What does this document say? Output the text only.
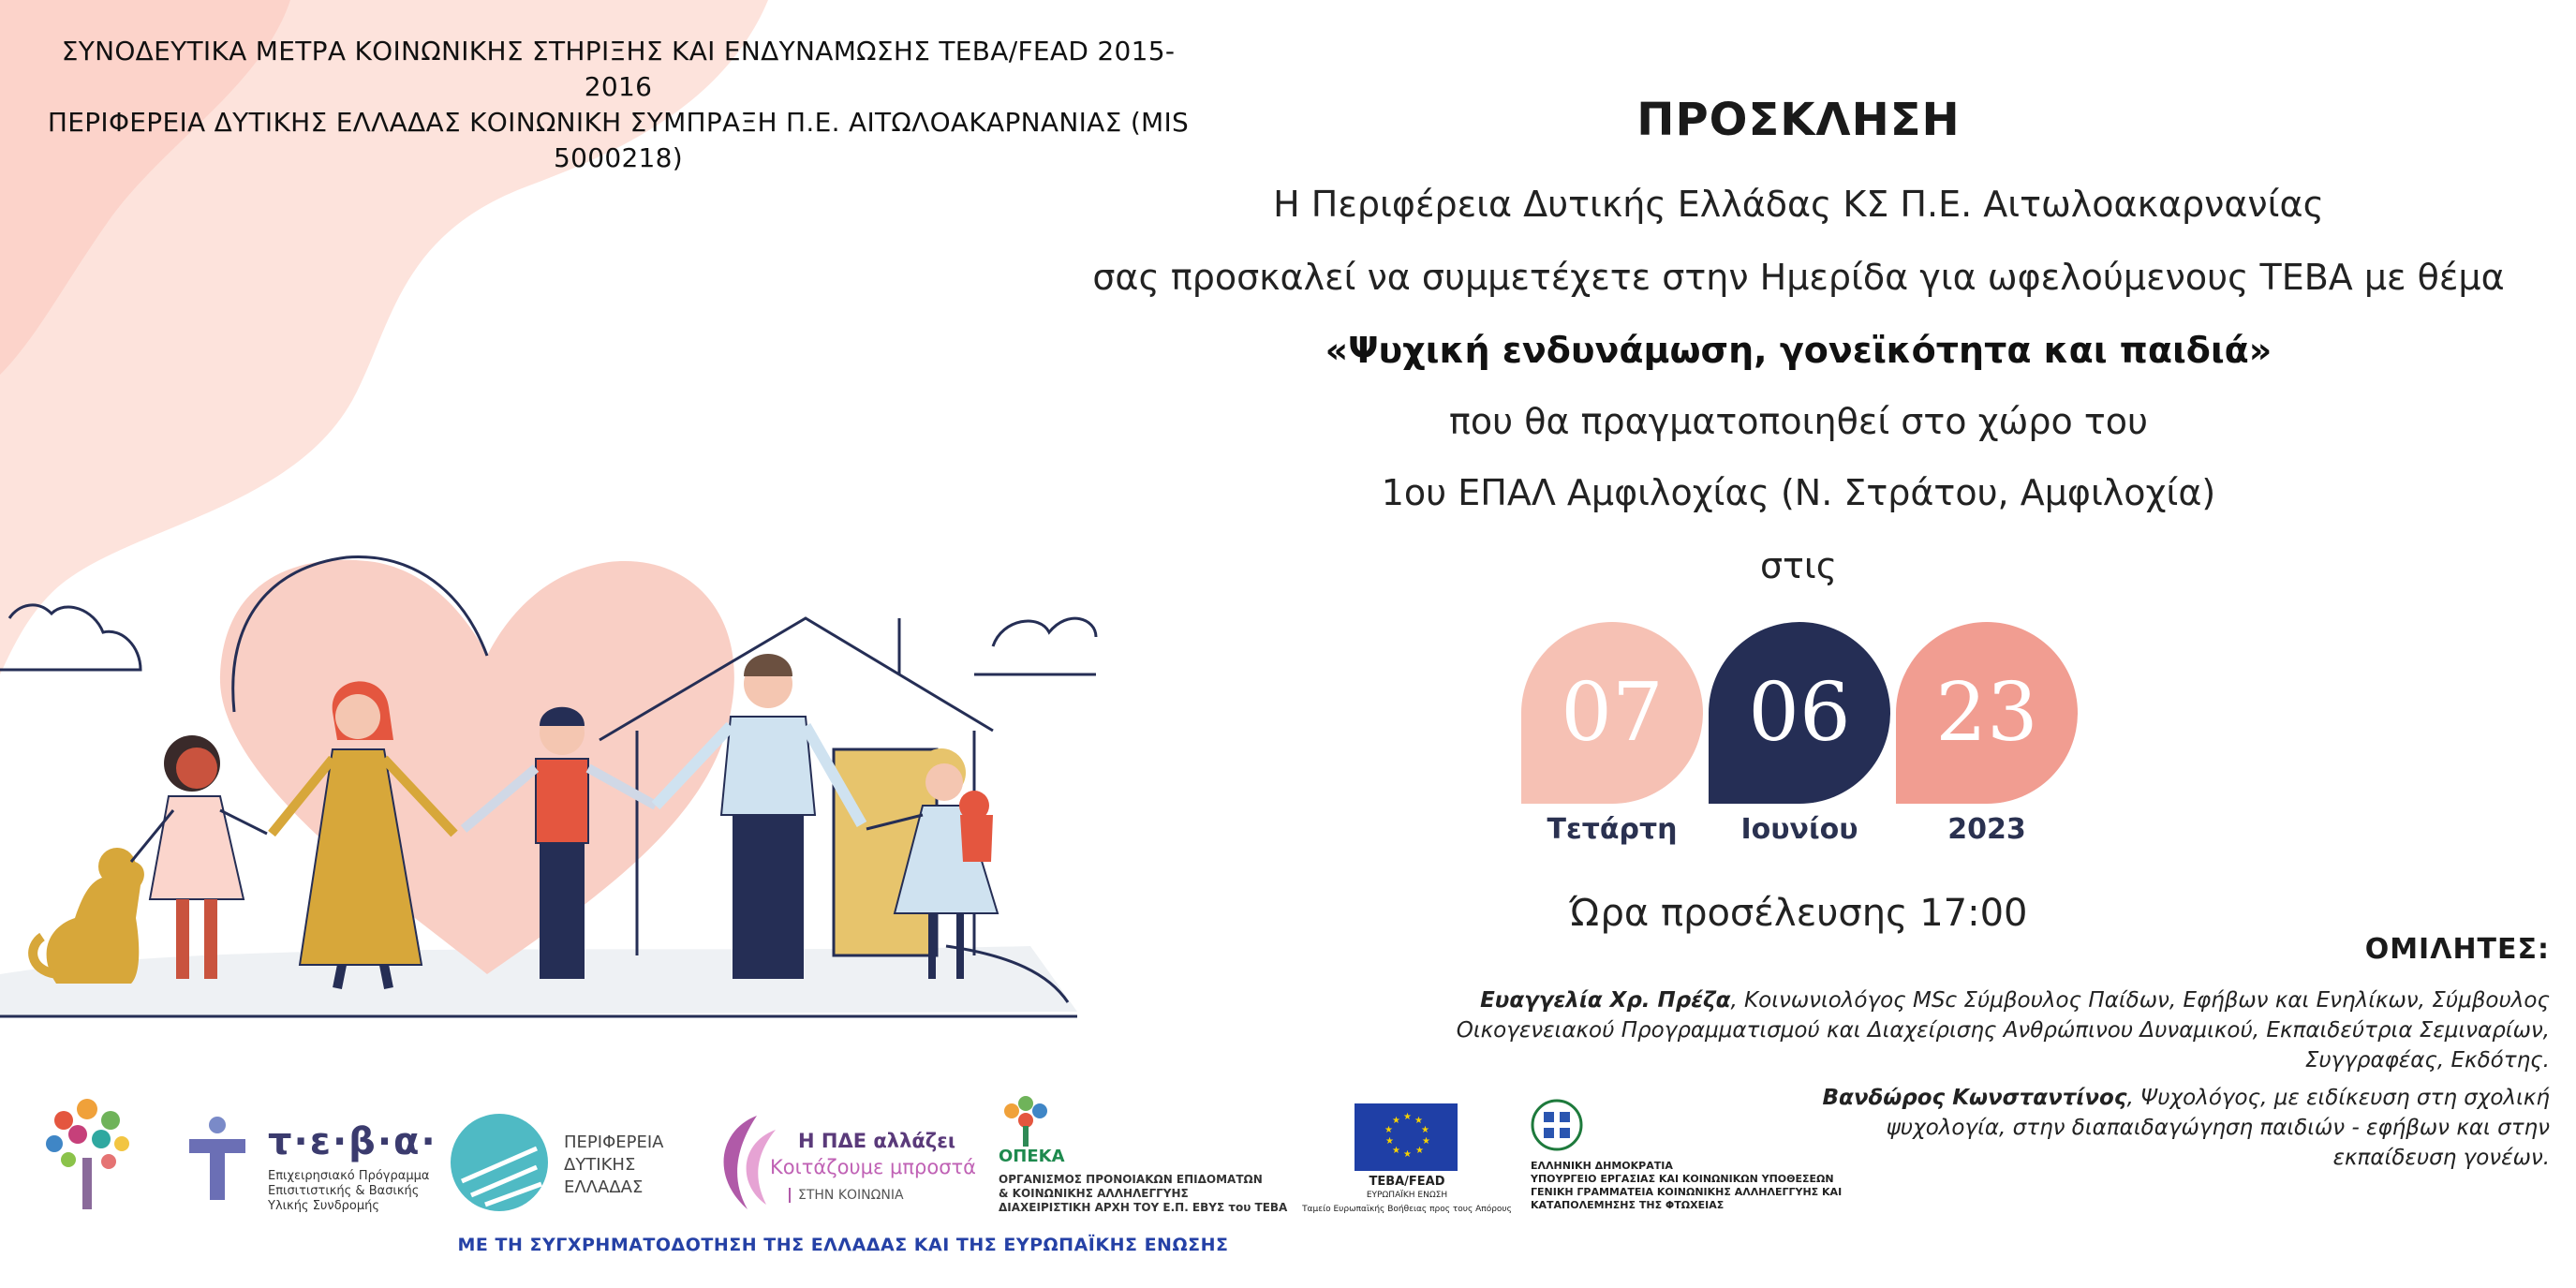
ΣΥΝΟΔΕΥΤΙΚΑ ΜΕΤΡΑ ΚΟΙΝΩΝΙΚΗΣ ΣΤΗΡΙΞΗΣ ΚΑΙ ΕΝΔΥΝΑΜΩΣΗΣ ΤΕΒΑ/FEAD 2015-2016
ΠΕΡΙΦΕΡΕΙΑ ΔΥΤΙΚΗΣ ΕΛΛΑΔΑΣ ΚΟΙΝΩΝΙΚΗ ΣΥΜΠΡΑΞΗ Π.Ε. ΑΙΤΩΛΟΑΚΑΡΝΑΝΙΑΣ (MIS 5000218)
ΠΡΟΣΚΛΗΣΗ
Η Περιφέρεια Δυτικής Ελλάδας ΚΣ Π.Ε. Αιτωλοακαρνανίας
σας προσκαλεί να συμμετέχετε στην Ημερίδα για ωφελούμενους ΤΕΒΑ με θέμα
«Ψυχική ενδυνάμωση, γονεϊκότητα και παιδιά»
που θα πραγματοποιηθεί στο χώρο του
1ου ΕΠΑΛ Αμφιλοχίας (Ν. Στράτου, Αμφιλοχία)
στις
07	06	23
Τετάρτη	Ιουνίου	2023
Ώρα προσέλευσης 17:00
ΟΜΙΛΗΤΕΣ:
Ευαγγελία Χρ. Πρέζα, Κοινωνιολόγος MSc Σύμβουλος Παίδων, Εφήβων και Ενηλίκων, Σύμβουλος
Οικογενειακού Προγραμματισμού και Διαχείρισης Ανθρώπινου Δυναμικού, Εκπαιδεύτρια Σεμιναρίων,
Συγγραφέας, Εκδότης.
Βανδώρος Κωνσταντίνος, Ψυχολόγος, με ειδίκευση στη σχολική
ψυχολογία, στην διαπαιδαγώγηση παιδιών - εφήβων και στην
εκπαίδευση γονέων.
τ·ε·β·α·
Επιχειρησιακό Πρόγραμμα
Επισιτιστικής & Βασικής
Υλικής Συνδρομής
ΠΕΡΙΦΕΡΕΙΑ
ΔΥΤΙΚΗΣ
ΕΛΛΑΔΑΣ
Η ΠΔΕ αλλάζει
Κοιτάζουμε μπροστά
ΣΤΗΝ ΚΟΙΝΩΝΙΑ
ΟΠΕΚΑ
ΟΡΓΑΝΙΣΜΟΣ ΠΡΟΝΟΙΑΚΩΝ ΕΠΙΔΟΜΑΤΩΝ
& ΚΟΙΝΩΝΙΚΗΣ ΑΛΛΗΛΕΓΓΥΗΣ
ΔΙΑΧΕΙΡΙΣΤΙΚΗ ΑΡΧΗ ΤΟΥ Ε.Π. ΕΒΥΣ του ΤΕΒΑ
★ ★
★
★
★
★
★
★
★
★
TEBA/FEAD
ΕΥΡΩΠΑΪΚΗ ΕΝΩΣΗ
Ταμείο Ευρωπαϊκής Βοήθειας προς τους Απόρους
ΕΛΛΗΝΙΚΗ ΔΗΜΟΚΡΑΤΙΑ
ΥΠΟΥΡΓΕΙΟ ΕΡΓΑΣΙΑΣ ΚΑΙ ΚΟΙΝΩΝΙΚΩΝ ΥΠΟΘΕΣΕΩΝ
ΓΕΝΙΚΗ ΓΡΑΜΜΑΤΕΙΑ ΚΟΙΝΩΝΙΚΗΣ ΑΛΛΗΛΕΓΓΥΗΣ ΚΑΙ
ΚΑΤΑΠΟΛΕΜΗΣΗΣ ΤΗΣ ΦΤΩΧΕΙΑΣ
ΜΕ ΤΗ ΣΥΓΧΡΗΜΑΤΟΔΟΤΗΣΗ ΤΗΣ ΕΛΛΑΔΑΣ ΚΑΙ ΤΗΣ ΕΥΡΩΠΑΪΚΗΣ ΕΝΩΣΗΣ
